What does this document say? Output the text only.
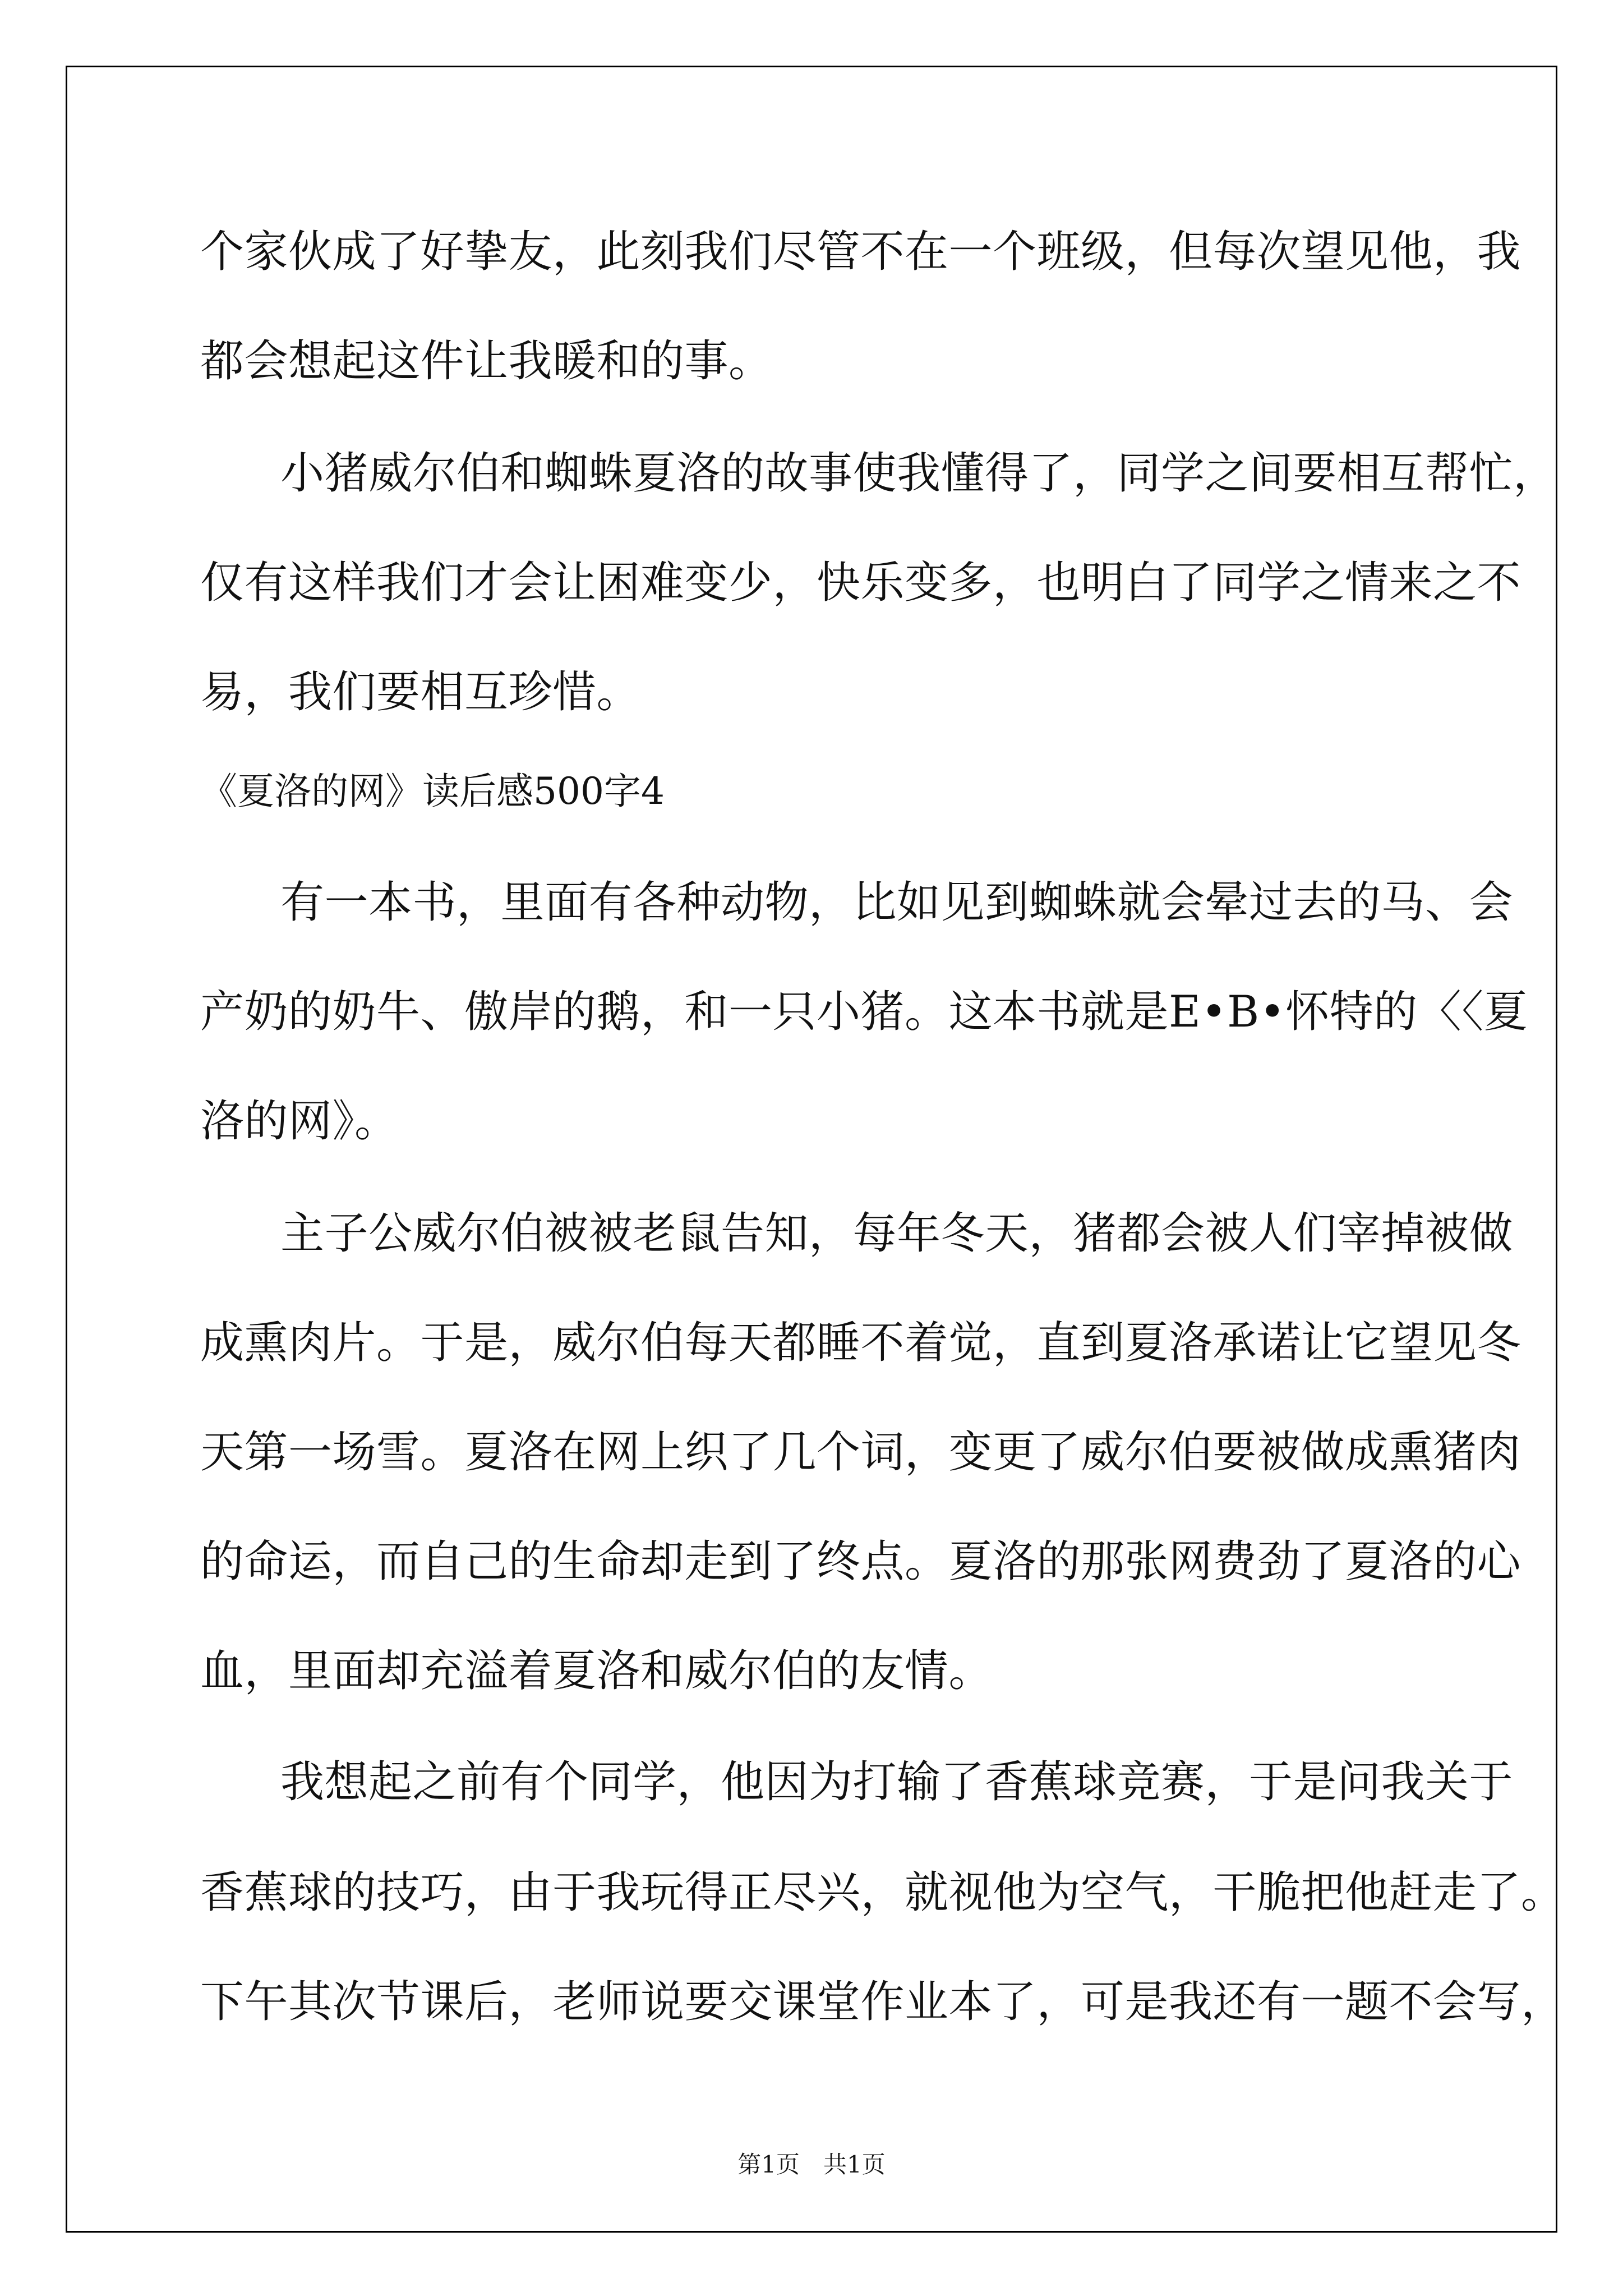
个家伙成了好挚友，此刻我们尽管不在一个班级，但每次望见他，我

都会想起这件让我暖和的事。

小猪威尔伯和蜘蛛夏洛的故事使我懂得了，同学之间要相互帮忙，

仅有这样我们才会让困难变少，快乐变多，也明白了同学之情来之不

易，我们要相互珍惜。

《夏洛的网》读后感500字4

有一本书，里面有各种动物，比如见到蜘蛛就会晕过去的马、会

产奶的奶牛、傲岸的鹅，和一只小猪。这本书就是E•B•怀特的〈〈夏

洛的网》。

主子公威尔伯被被老鼠告知，每年冬天，猪都会被人们宰掉被做

成熏肉片。于是，威尔伯每天都睡不着觉，直到夏洛承诺让它望见冬

天第一场雪。夏洛在网上织了几个词，变更了威尔伯要被做成熏猪肉

的命运，而自己的生命却走到了终点。夏洛的那张网费劲了夏洛的心

血，里面却充溢着夏洛和威尔伯的友情。

我想起之前有个同学，他因为打输了香蕉球竞赛，于是问我关于

香蕉球的技巧，由于我玩得正尽兴，就视他为空气，干脆把他赶走了。

下午其次节课后，老师说要交课堂作业本了，可是我还有一题不会写，

第1页　共1页
